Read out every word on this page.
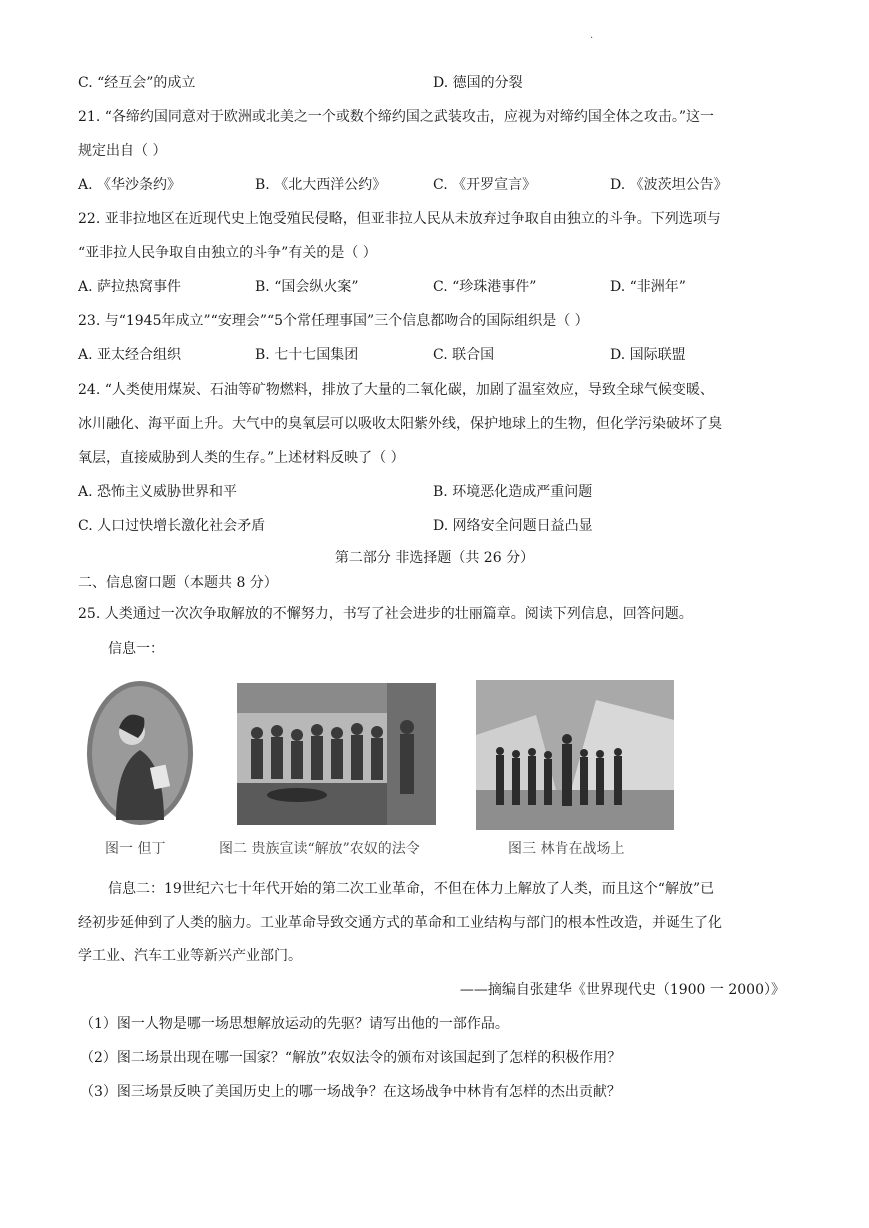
.
C. “经互会”的成立	D. 德国的分裂
21. “各缔约国同意对于欧洲或北美之一个或数个缔约国之武装攻击，应视为对缔约国全体之攻击。”这一
规定出自（ ）
A. 《华沙条约》	B. 《北大西洋公约》	C. 《开罗宣言》	D. 《波茨坦公告》
22. 亚非拉地区在近现代史上饱受殖民侵略，但亚非拉人民从未放弃过争取自由独立的斗争。下列选项与
“亚非拉人民争取自由独立的斗争”有关的是（ ）
A. 萨拉热窝事件	B. “国会纵火案”	C. “珍珠港事件”	D. “非洲年”
23. 与“1945年成立”“安理会”“5个常任理事国”三个信息都吻合的国际组织是（ ）
A. 亚太经合组织	B. 七十七国集团	C. 联合国	D. 国际联盟
24. “人类使用煤炭、石油等矿物燃料，排放了大量的二氧化碳，加剧了温室效应，导致全球气候变暖、
冰川融化、海平面上升。大气中的臭氧层可以吸收太阳紫外线，保护地球上的生物，但化学污染破坏了臭
氧层，直接威胁到人类的生存。”上述材料反映了（ ）
A. 恐怖主义威胁世界和平	B. 环境恶化造成严重问题
C. 人口过快增长激化社会矛盾	D. 网络安全问题日益凸显
第二部分 非选择题（共 26 分）
二、信息窗口题（本题共 8 分）
25. 人类通过一次次争取解放的不懈努力，书写了社会进步的壮丽篇章。阅读下列信息，回答问题。
信息一：
图一 但丁	图二 贵族宣读“解放”农奴的法令	图三 林肯在战场上
信息二：19世纪六七十年代开始的第二次工业革命，不但在体力上解放了人类，而且这个“解放”已
经初步延伸到了人类的脑力。工业革命导致交通方式的革命和工业结构与部门的根本性改造，并诞生了化
学工业、汽车工业等新兴产业部门。
——摘编自张建华《世界现代史（1900 一 2000）》
（1）图一人物是哪一场思想解放运动的先驱？请写出他的一部作品。
（2）图二场景出现在哪一国家？“解放”农奴法令的颁布对该国起到了怎样的积极作用？
（3）图三场景反映了美国历史上的哪一场战争？在这场战争中林肯有怎样的杰出贡献？
